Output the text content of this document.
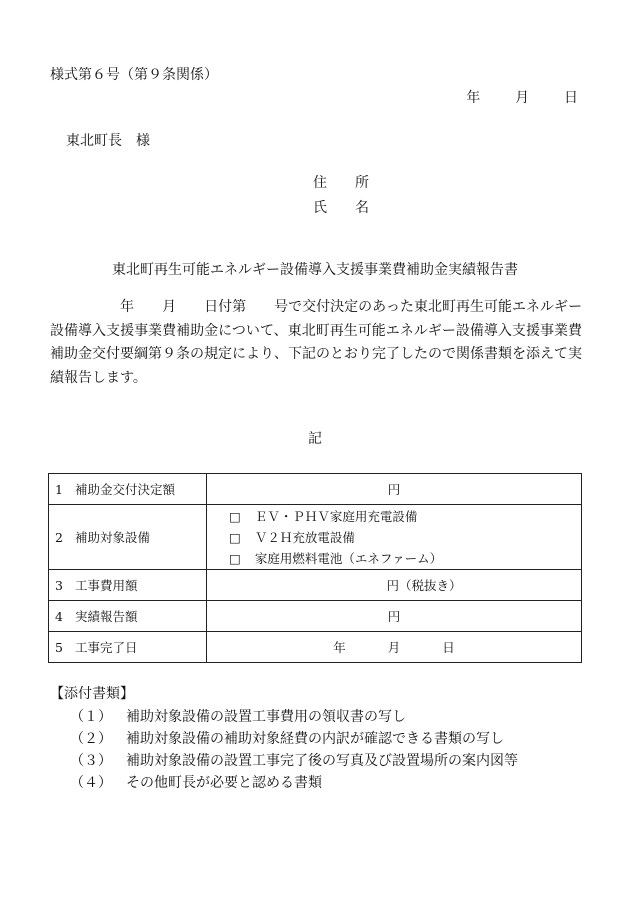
様式第６号（第９条関係）
年 月 日
東北町長　様
住　　所
氏　　名
東北町再生可能エネルギー設備導入支援事業費補助金実績報告書
　　　　　年　　 月　　 日付第　　 号で交付決定のあった東北町再生可能エネルギー設備導入支援事業費補助金について、東北町再生可能エネルギー設備導入支援事業費補助金交付要綱第９条の規定により、下記のとおり完了したので関係書類を添えて実績報告します。
記
1 補助金交付決定額	円
2 補助対象設備	□ ＥＶ・ＰＨＶ家庭用充電設備
□ Ｖ２Ｈ充放電設備
□ 家庭用燃料電池（エネファーム）

3 工事費用額	円（税抜き）
4 実績報告額	円
5 工事完了日	年 月 日
【添付書類】
（１） 補助対象設備の設置工事費用の領収書の写し
（２） 補助対象設備の補助対象経費の内訳が確認できる書類の写し
（３） 補助対象設備の設置工事完了後の写真及び設置場所の案内図等
（４） その他町長が必要と認める書類
